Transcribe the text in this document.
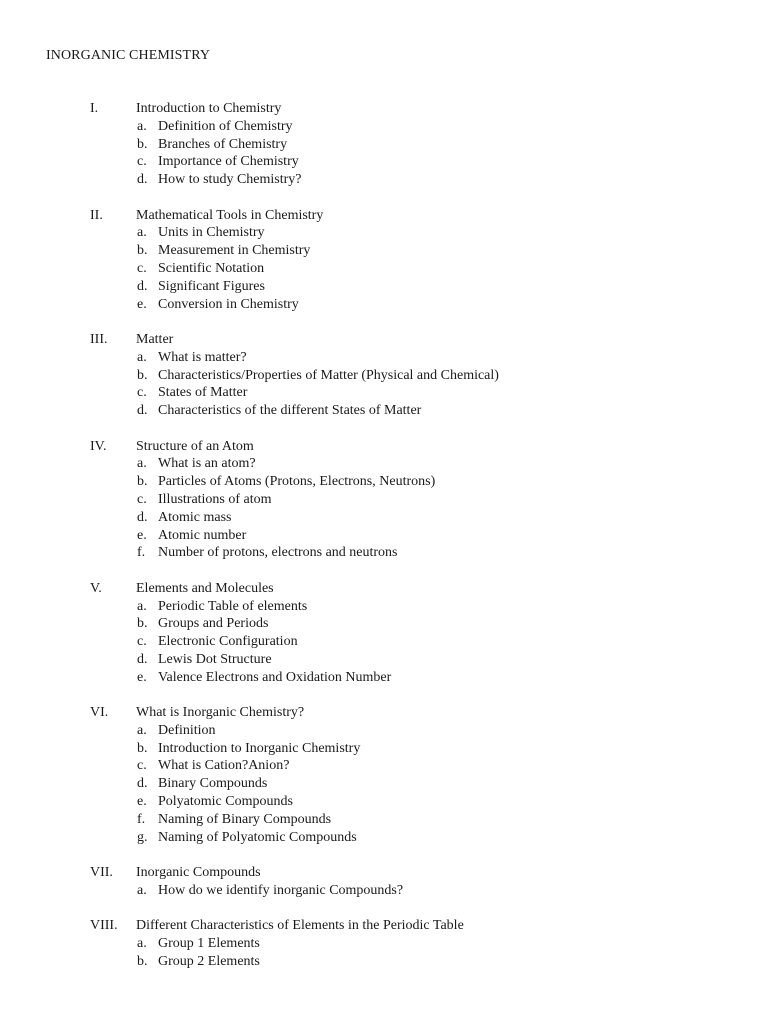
INORGANIC CHEMISTRY
I.	Introduction to Chemistry
a. Definition of Chemistry
b. Branches of Chemistry
c. Importance of Chemistry
d. How to study Chemistry?
II. Mathematical Tools in Chemistry
a. Units in Chemistry
b. Measurement in Chemistry
c. Scientific Notation
d. Significant Figures
e. Conversion in Chemistry
III. Matter
a. What is matter?
b. Characteristics/Properties of Matter (Physical and Chemical)
c. States of Matter
d. Characteristics of the different States of Matter
IV. Structure of an Atom
a. What is an atom?
b. Particles of Atoms (Protons, Electrons, Neutrons)
c. Illustrations of atom
d. Atomic mass
e. Atomic number
f. Number of protons, electrons and neutrons
V. Elements and Molecules
a. Periodic Table of elements
b. Groups and Periods
c. Electronic Configuration
d. Lewis Dot Structure
e. Valence Electrons and Oxidation Number
VI. What is Inorganic Chemistry?
a. Definition
b. Introduction to Inorganic Chemistry
c. What is Cation?Anion?
d. Binary Compounds
e. Polyatomic Compounds
f. Naming of Binary Compounds
g. Naming of Polyatomic Compounds
VII. Inorganic Compounds
a. How do we identify inorganic Compounds?
VIII. Different Characteristics of Elements in the Periodic Table
a. Group 1 Elements
b. Group 2 Elements
